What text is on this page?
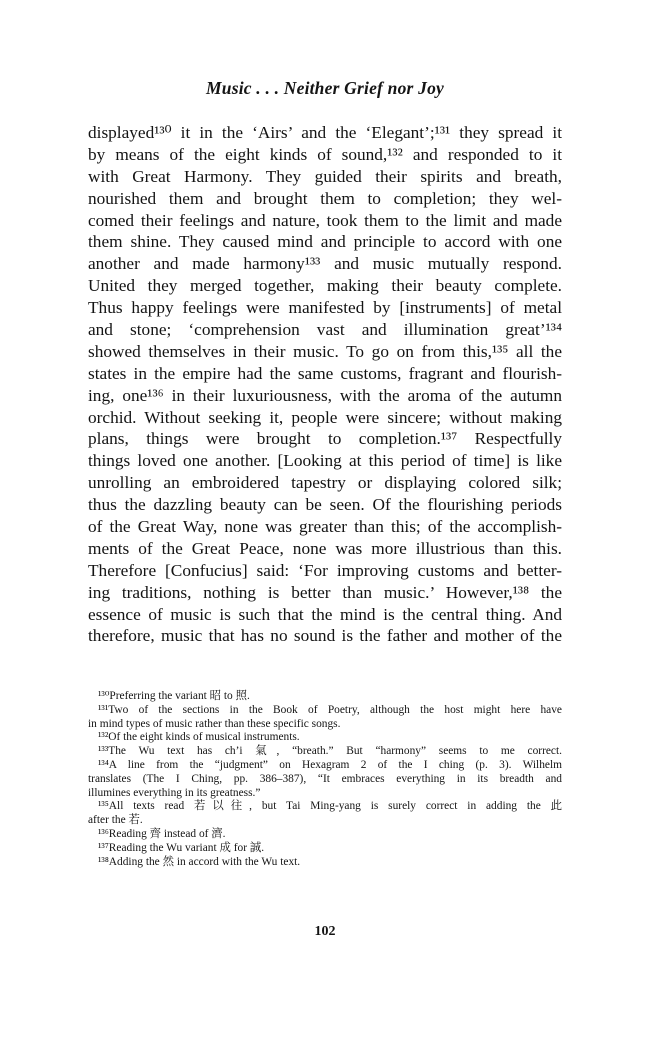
Music . . . Neither Grief nor Joy
displayed¹³⁰ it in the ‘Airs’ and the ‘Elegant’;¹³¹ they spread it
by means of the eight kinds of sound,¹³² and responded to it
with Great Harmony. They guided their spirits and breath,
nourished them and brought them to completion; they wel-
comed their feelings and nature, took them to the limit and made
them shine. They caused mind and principle to accord with one
another and made harmony¹³³ and music mutually respond.
United they merged together, making their beauty complete.
Thus happy feelings were manifested by [instruments] of metal
and stone; ‘comprehension vast and illumination great’¹³⁴
showed themselves in their music. To go on from this,¹³⁵ all the
states in the empire had the same customs, fragrant and flourish-
ing, one¹³⁶ in their luxuriousness, with the aroma of the autumn
orchid. Without seeking it, people were sincere; without making
plans, things were brought to completion.¹³⁷ Respectfully
things loved one another. [Looking at this period of time] is like
unrolling an embroidered tapestry or displaying colored silk;
thus the dazzling beauty can be seen. Of the flourishing periods
of the Great Way, none was greater than this; of the accomplish-
ments of the Great Peace, none was more illustrious than this.
Therefore [Confucius] said: ‘For improving customs and better-
ing traditions, nothing is better than music.’ However,¹³⁸ the
essence of music is such that the mind is the central thing. And
therefore, music that has no sound is the father and mother of the
¹³⁰Preferring the variant 昭 to 照.
¹³¹Two of the sections in the Book of Poetry, although the host might here have
in mind types of music rather than these specific songs.
¹³²Of the eight kinds of musical instruments.
¹³³The Wu text has ch’i 氣, “breath.” But “harmony” seems to me correct.
¹³⁴A line from the “judgment” on Hexagram 2 of the I ching (p. 3). Wilhelm
translates (The I Ching, pp. 386–387), “It embraces everything in its breadth and
illumines everything in its greatness.”
¹³⁵All texts read 若以往, but Tai Ming-yang is surely correct in adding the 此
after the 若.
¹³⁶Reading 齊 instead of 濟.
¹³⁷Reading the Wu variant 成 for 誠.
¹³⁸Adding the 然 in accord with the Wu text.
102
